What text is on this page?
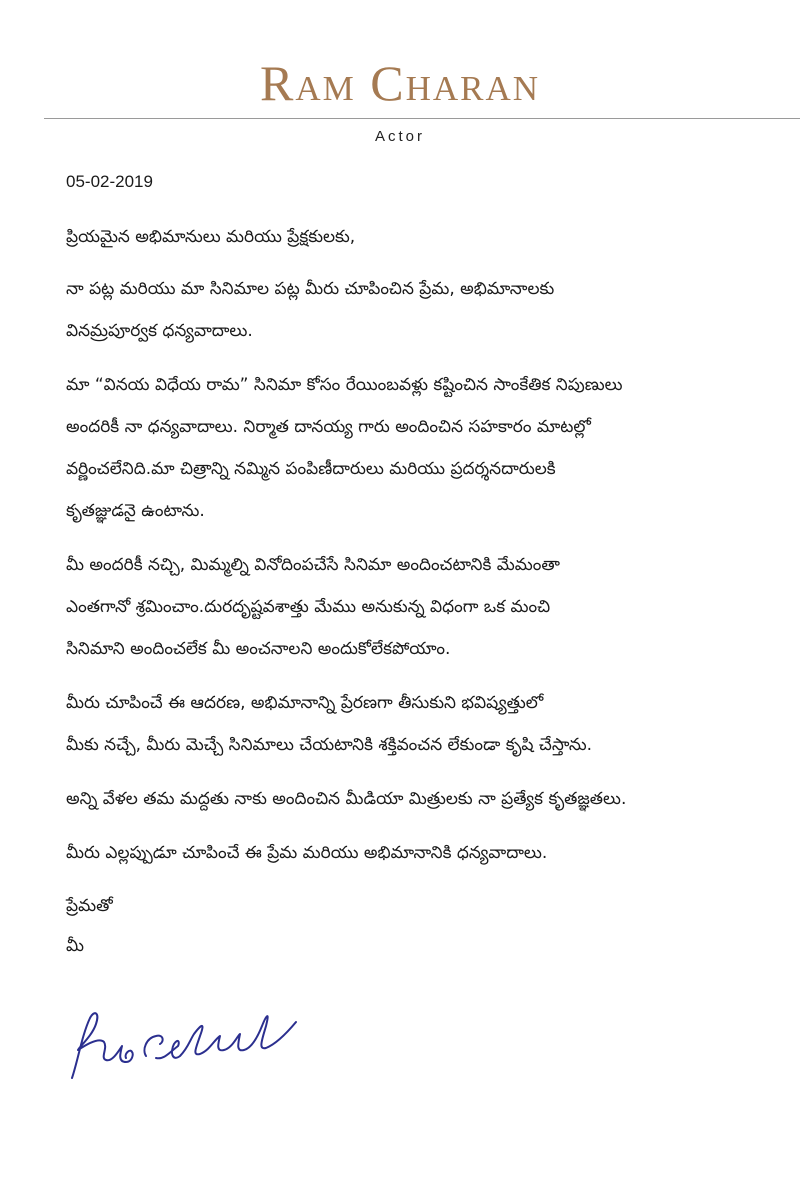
Ram Charan
Actor
05-02-2019
ప్రియమైన అభిమానులు మరియు ప్రేక్షకులకు,
నా పట్ల మరియు మా సినిమాల పట్ల మీరు చూపించిన ప్రేమ, అభిమానాలకు
వినమ్రపూర్వక ధన్యవాదాలు.
మా “వినయ విధేయ రామ” సినిమా కోసం రేయింబవళ్లు కష్టించిన సాంకేతిక నిపుణులు
అందరికీ నా ధన్యవాదాలు. నిర్మాత దానయ్య గారు అందించిన సహకారం మాటల్లో
వర్ణించలేనిది.మా చిత్రాన్ని నమ్మిన పంపిణీదారులు మరియు ప్రదర్శనదారులకి
కృతజ్ఞుడనై ఉంటాను.
మీ అందరికీ నచ్చి, మిమ్మల్ని వినోదింపచేసే సినిమా అందించటానికి మేమంతా
ఎంతగానో శ్రమించాం.దురదృష్టవశాత్తు మేము అనుకున్న విధంగా ఒక మంచి
సినిమాని అందించలేక మీ అంచనాలని అందుకోలేకపోయాం.
మీరు చూపించే ఈ ఆదరణ, అభిమానాన్ని ప్రేరణగా తీసుకుని భవిష్యత్తులో
మీకు నచ్చే, మీరు మెచ్చే సినిమాలు చేయటానికి శక్తివంచన లేకుండా కృషి చేస్తాను.
అన్ని వేళల తమ మద్దతు నాకు అందించిన మీడియా మిత్రులకు నా ప్రత్యేక కృతజ్ఞతలు.
మీరు ఎల్లప్పుడూ చూపించే ఈ ప్రేమ మరియు అభిమానానికి ధన్యవాదాలు.
ప్రేమతో
మీ
